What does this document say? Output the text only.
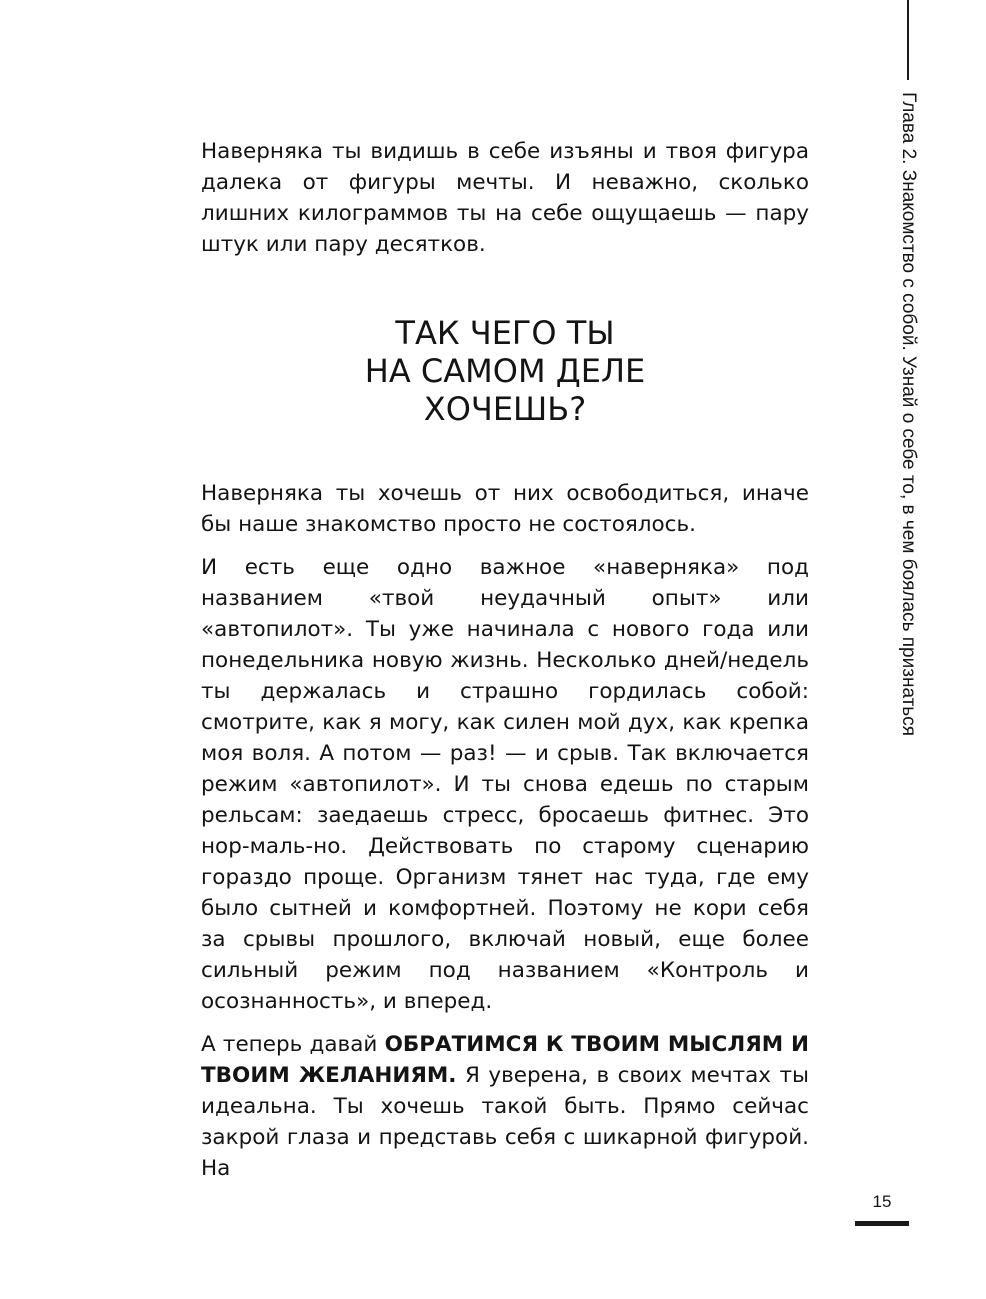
Глава 2. Знакомство с собой. Узнай о себе то, в чем боялась признаться

Наверняка ты видишь в себе изъяны и твоя фигура далека от фигуры мечты. И неважно, сколько лишних килограммов ты на себе ощущаешь — пару штук или пару десятков.

ТАК ЧЕГО ТЫ
НА САМОМ ДЕЛЕ
ХОЧЕШЬ?

Наверняка ты хочешь от них освободиться, иначе бы наше знакомство просто не состоялось.

И есть еще одно важное «наверняка» под названием «твой неудачный опыт» или «автопилот». Ты уже начинала с нового года или понедельника новую жизнь. Несколько дней/недель ты держалась и страшно гордилась собой: смотрите, как я могу, как силен мой дух, как крепка моя воля. А потом — раз! — и срыв. Так включается режим «автопилот». И ты снова едешь по старым рельсам: заедаешь стресс, бросаешь фитнес. Это нор-маль-но. Действовать по старому сценарию гораздо проще. Организм тянет нас туда, где ему было сытней и комфортней. Поэтому не кори себя за срывы прошлого, включай новый, еще более сильный режим под названием «Контроль и осознанность», и вперед.

А теперь давай ОБРАТИМСЯ К ТВОИМ МЫСЛЯМ И ТВОИМ ЖЕЛАНИЯМ. Я уверена, в своих мечтах ты идеальна. Ты хочешь такой быть. Прямо сейчас закрой глаза и представь себя с шикарной фигурой. На

15
